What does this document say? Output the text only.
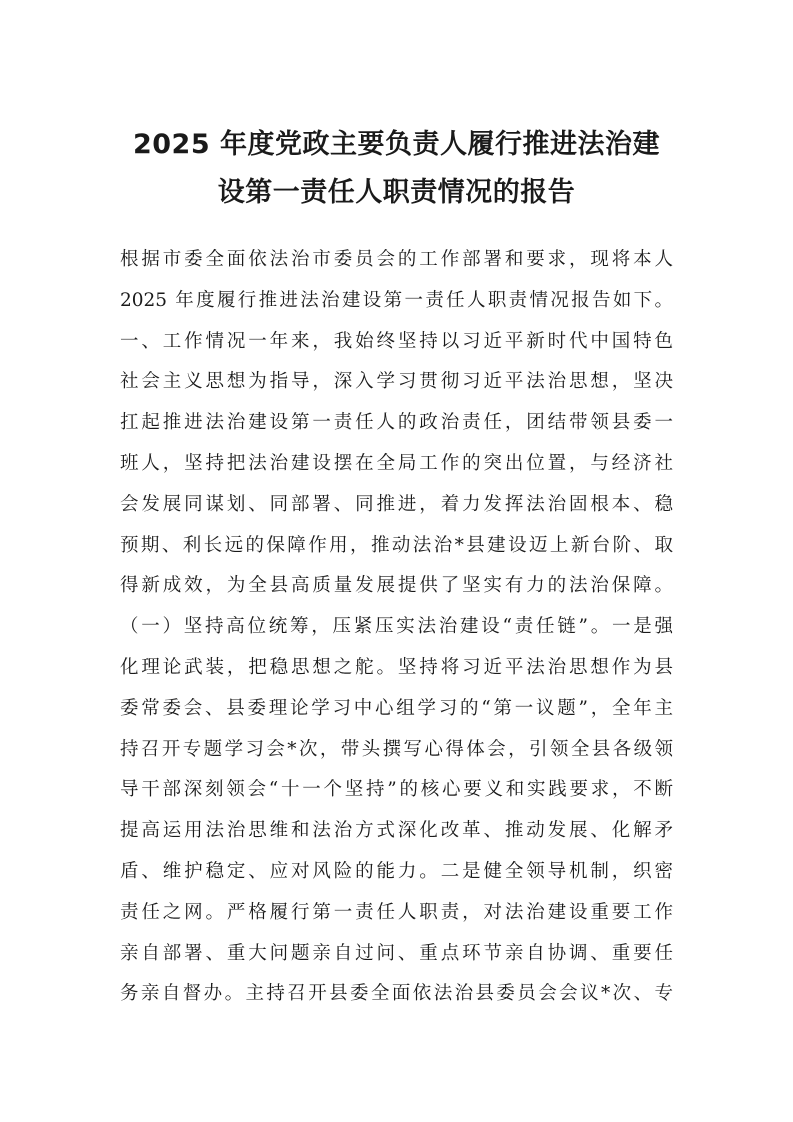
2025 年度党政主要负责人履行推进法治建
设第一责任人职责情况的报告
根据市委全面依法治市委员会的工作部署和要求，现将本人
2025 年度履行推进法治建设第一责任人职责情况报告如下。
一、工作情况一年来，我始终坚持以习近平新时代中国特色
社会主义思想为指导，深入学习贯彻习近平法治思想，坚决
扛起推进法治建设第一责任人的政治责任，团结带领县委一
班人，坚持把法治建设摆在全局工作的突出位置，与经济社
会发展同谋划、同部署、同推进，着力发挥法治固根本、稳
预期、利长远的保障作用，推动法治*县建设迈上新台阶、取
得新成效，为全县高质量发展提供了坚实有力的法治保障。
（一）坚持高位统筹，压紧压实法治建设“责任链”。一是强
化理论武装，把稳思想之舵。坚持将习近平法治思想作为县
委常委会、县委理论学习中心组学习的“第一议题”，全年主
持召开专题学习会*次，带头撰写心得体会，引领全县各级领
导干部深刻领会“十一个坚持”的核心要义和实践要求，不断
提高运用法治思维和法治方式深化改革、推动发展、化解矛
盾、维护稳定、应对风险的能力。二是健全领导机制，织密
责任之网。严格履行第一责任人职责，对法治建设重要工作
亲自部署、重大问题亲自过问、重点环节亲自协调、重要任
务亲自督办。主持召开县委全面依法治县委员会会议*次、专
